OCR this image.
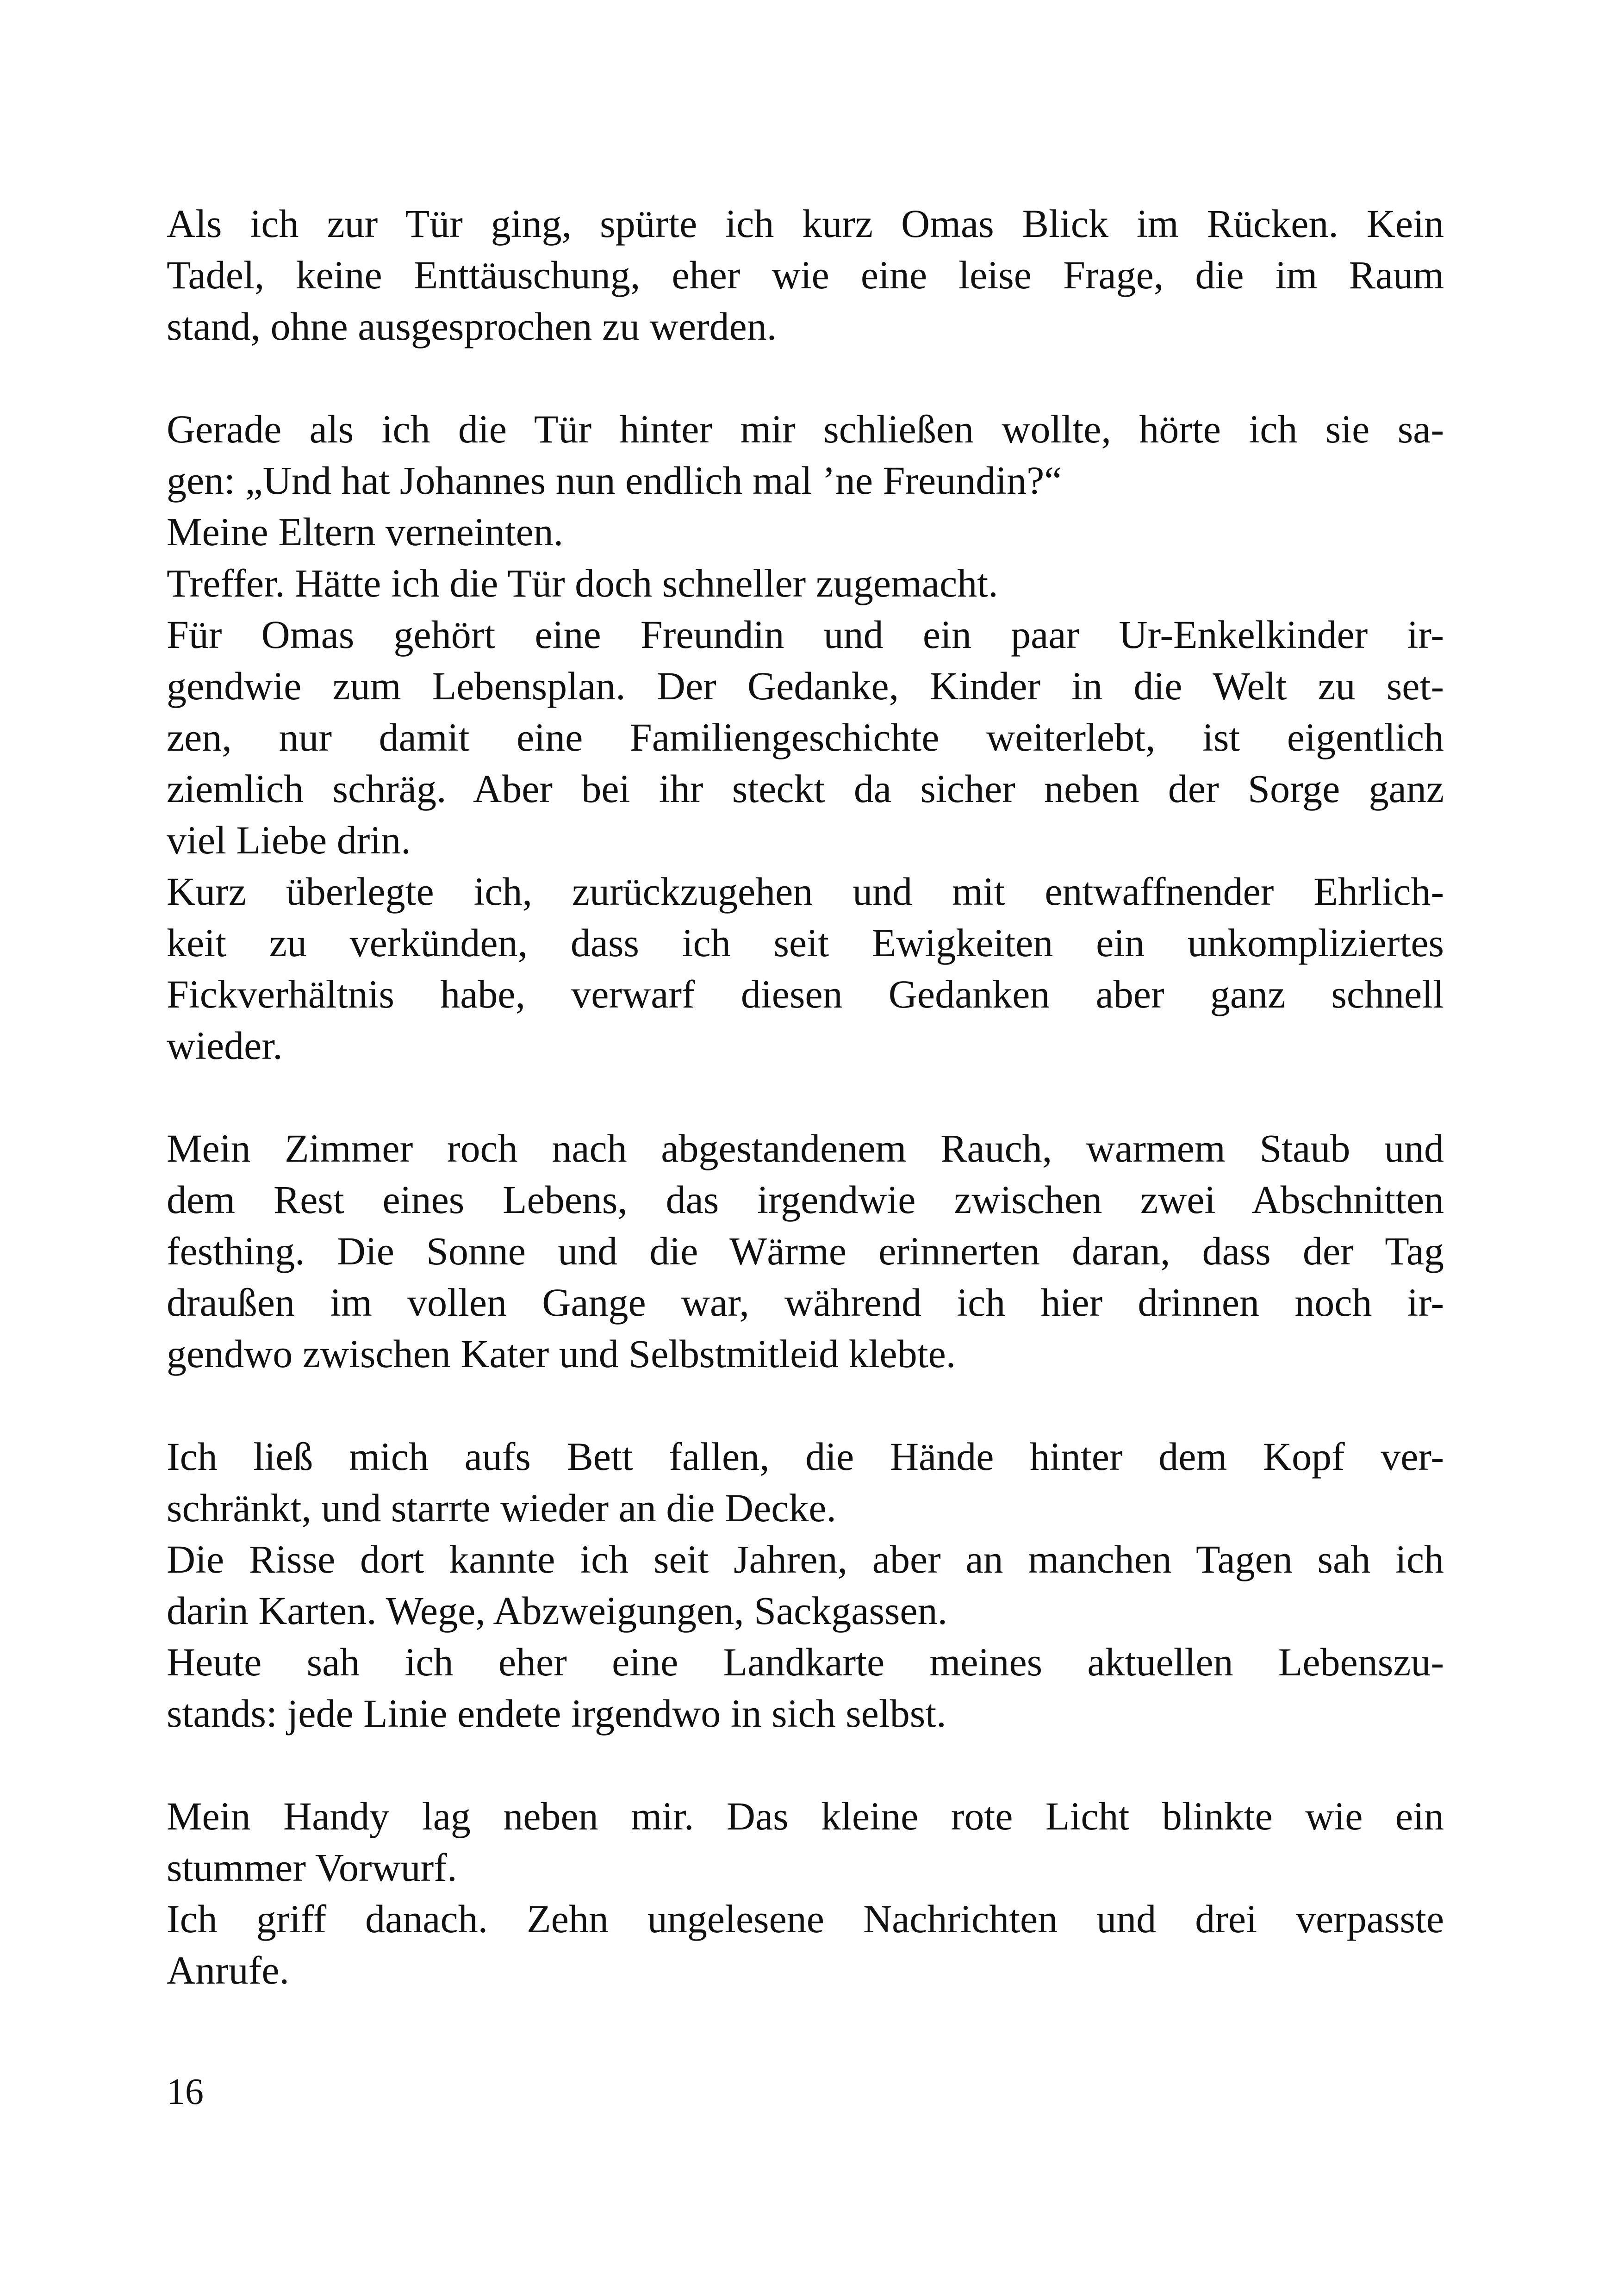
Als ich zur Tür ging, spürte ich kurz Omas Blick im Rücken. Kein
Tadel, keine Enttäuschung, eher wie eine leise Frage, die im Raum
stand, ohne ausgesprochen zu werden.
Gerade als ich die Tür hinter mir schließen wollte, hörte ich sie sa-
gen: „Und hat Johannes nun endlich mal ’ne Freundin?“
Meine Eltern verneinten.
Treffer. Hätte ich die Tür doch schneller zugemacht.
Für Omas gehört eine Freundin und ein paar Ur-Enkelkinder ir-
gendwie zum Lebensplan. Der Gedanke, Kinder in die Welt zu set-
zen, nur damit eine Familiengeschichte weiterlebt, ist eigentlich
ziemlich schräg. Aber bei ihr steckt da sicher neben der Sorge ganz
viel Liebe drin.
Kurz überlegte ich, zurückzugehen und mit entwaffnender Ehrlich-
keit zu verkünden, dass ich seit Ewigkeiten ein unkompliziertes
Fickverhältnis habe, verwarf diesen Gedanken aber ganz schnell
wieder.
Mein Zimmer roch nach abgestandenem Rauch, warmem Staub und
dem Rest eines Lebens, das irgendwie zwischen zwei Abschnitten
festhing. Die Sonne und die Wärme erinnerten daran, dass der Tag
draußen im vollen Gange war, während ich hier drinnen noch ir-
gendwo zwischen Kater und Selbstmitleid klebte.
Ich ließ mich aufs Bett fallen, die Hände hinter dem Kopf ver-
schränkt, und starrte wieder an die Decke.
Die Risse dort kannte ich seit Jahren, aber an manchen Tagen sah ich
darin Karten. Wege, Abzweigungen, Sackgassen.
Heute sah ich eher eine Landkarte meines aktuellen Lebenszu-
stands: jede Linie endete irgendwo in sich selbst.
Mein Handy lag neben mir. Das kleine rote Licht blinkte wie ein
stummer Vorwurf.
Ich griff danach. Zehn ungelesene Nachrichten und drei verpasste
Anrufe.
16
